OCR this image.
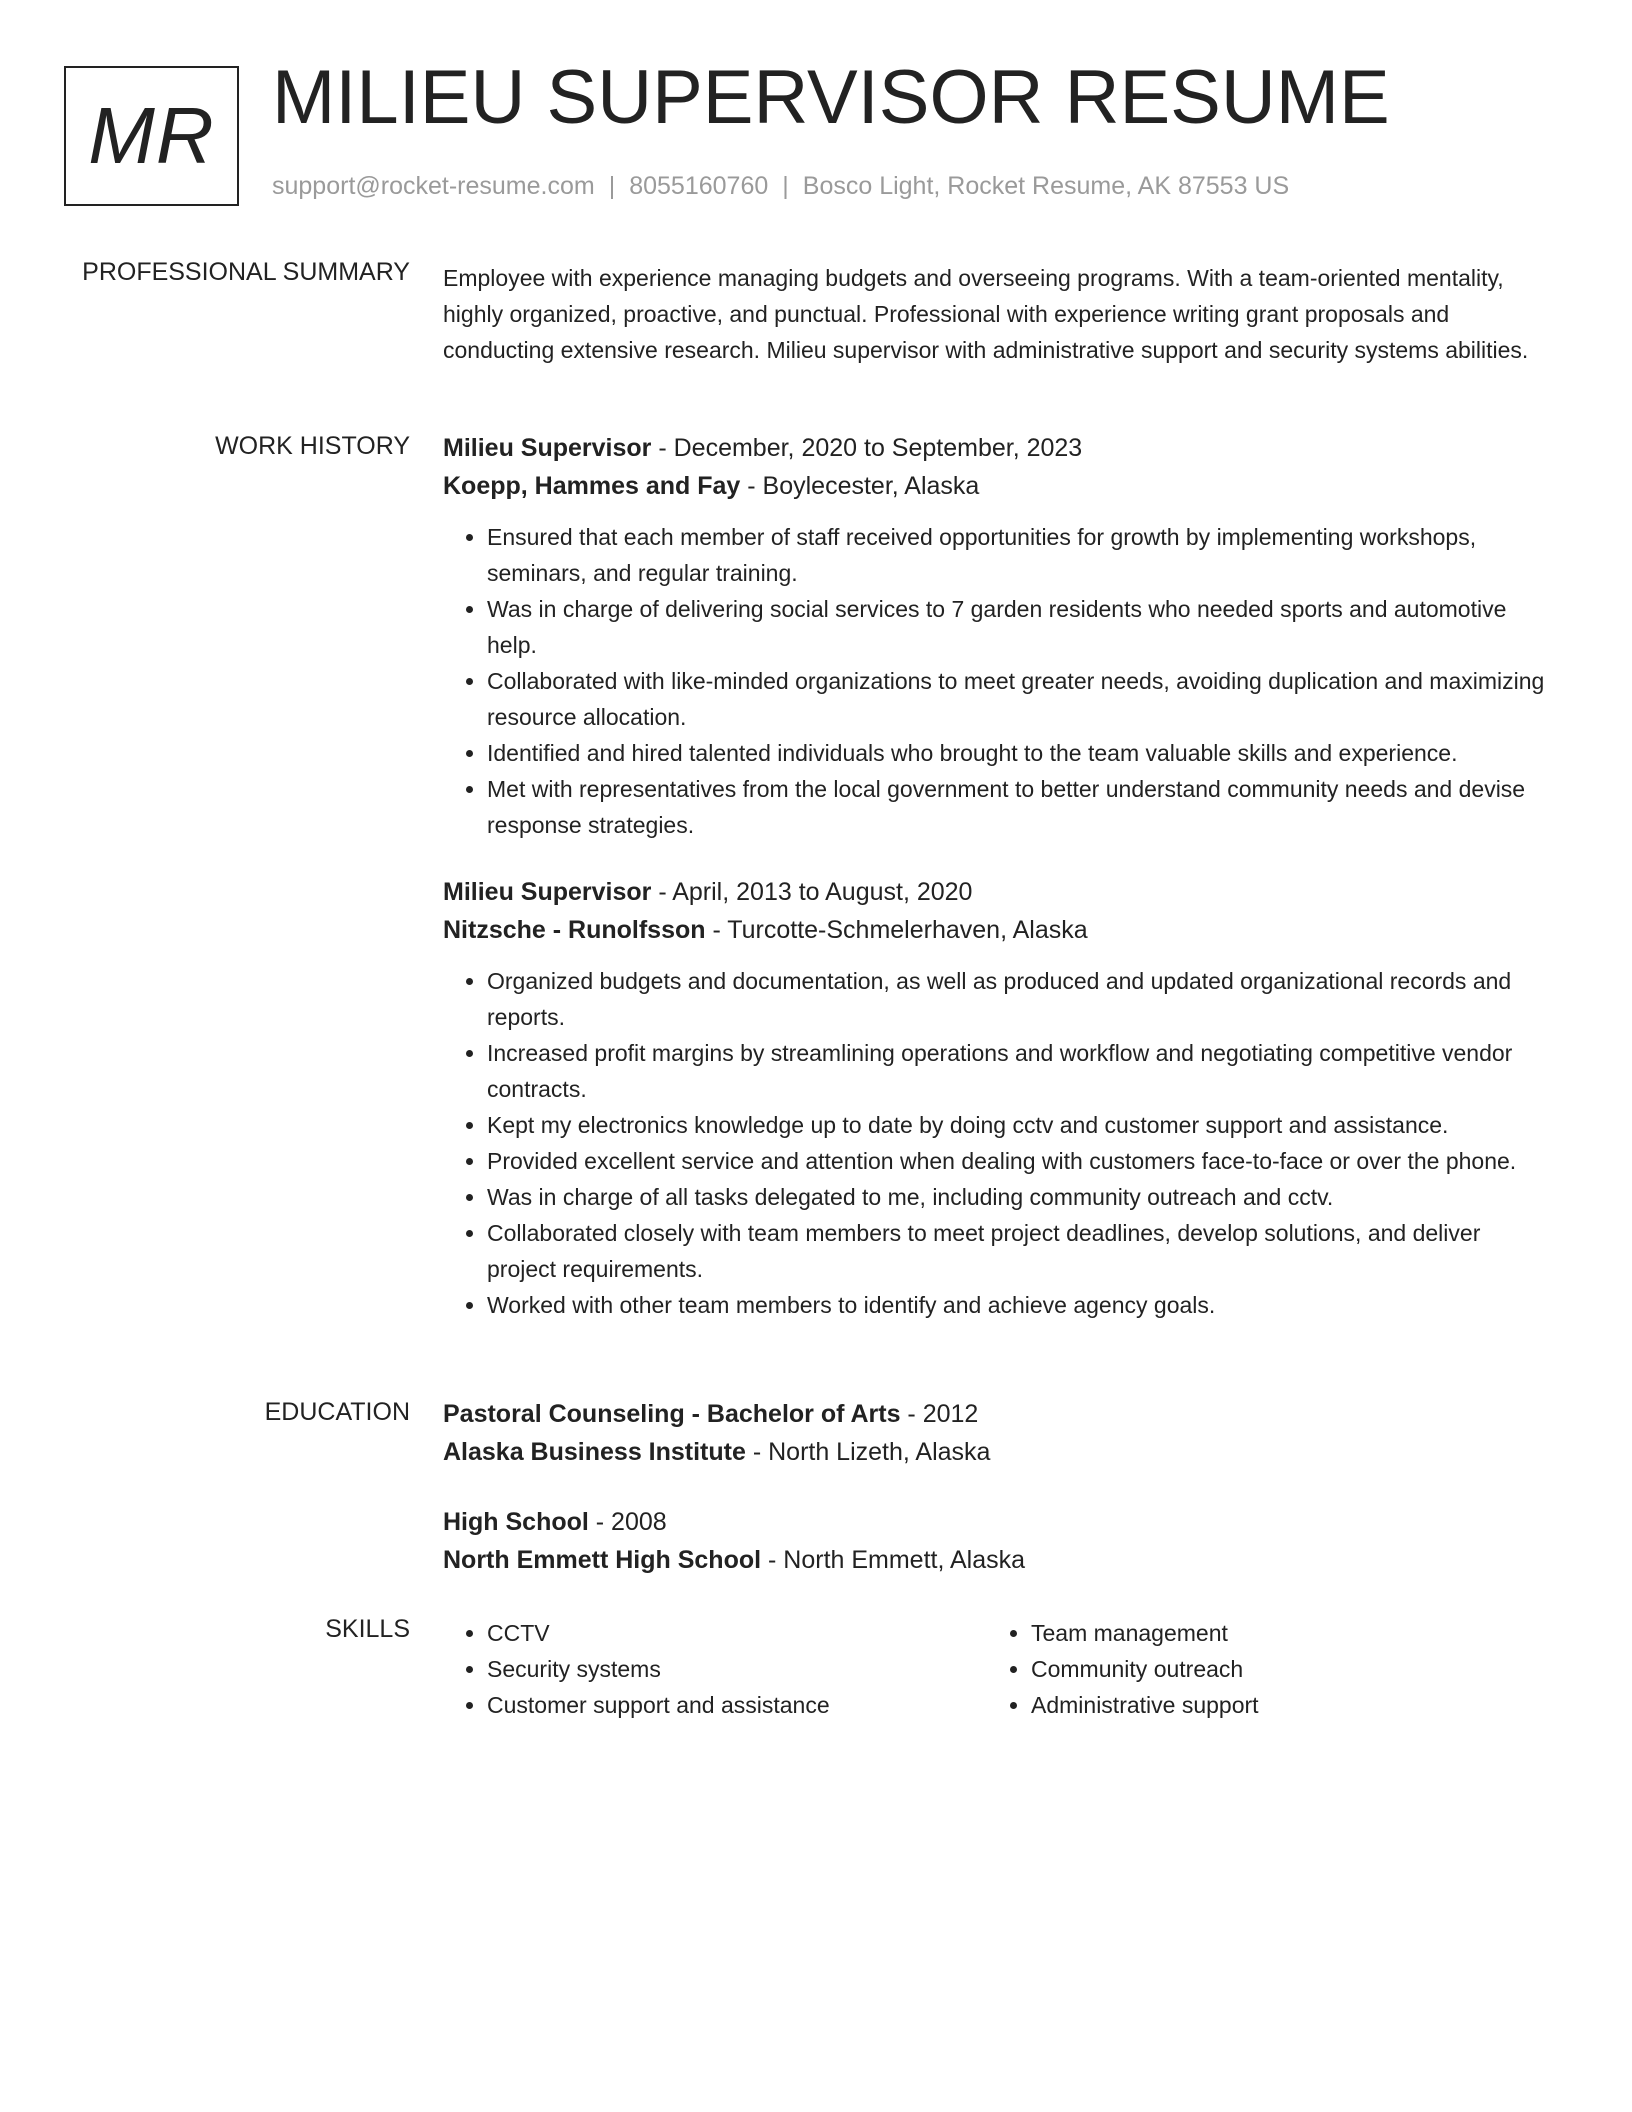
MR MILIEU SUPERVISOR RESUME
support@rocket-resume.com | 8055160760 | Bosco Light, Rocket Resume, AK 87553 US
PROFESSIONAL SUMMARY Employee with experience managing budgets and overseeing programs. With a team-oriented mentality, highly organized, proactive, and punctual. Professional with experience writing grant proposals and conducting extensive research. Milieu supervisor with administrative support and security systems abilities.

WORK HISTORY Milieu Supervisor - December, 2020 to September, 2023
Koepp, Hammes and Fay - Boylecester, Alaska
• Ensured that each member of staff received opportunities for growth by implementing workshops, seminars, and regular training.
• Was in charge of delivering social services to 7 garden residents who needed sports and automotive help.
• Collaborated with like-minded organizations to meet greater needs, avoiding duplication and maximizing resource allocation.
• Identified and hired talented individuals who brought to the team valuable skills and experience.
• Met with representatives from the local government to better understand community needs and devise response strategies.
Milieu Supervisor - April, 2013 to August, 2020
Nitzsche - Runolfsson - Turcotte-Schmelerhaven, Alaska
• Organized budgets and documentation, as well as produced and updated organizational records and reports.
• Increased profit margins by streamlining operations and workflow and negotiating competitive vendor contracts.
• Kept my electronics knowledge up to date by doing cctv and customer support and assistance.
• Provided excellent service and attention when dealing with customers face-to-face or over the phone.
• Was in charge of all tasks delegated to me, including community outreach and cctv.
• Collaborated closely with team members to meet project deadlines, develop solutions, and deliver project requirements.
• Worked with other team members to identify and achieve agency goals.
EDUCATION Pastoral Counseling - Bachelor of Arts - 2012
Alaska Business Institute - North Lizeth, Alaska
High School - 2008
North Emmett High School - North Emmett, Alaska
SKILLS
•	CCTV
• Security systems
• Customer support and assistance
• Team management
• Community outreach
• Administrative support
